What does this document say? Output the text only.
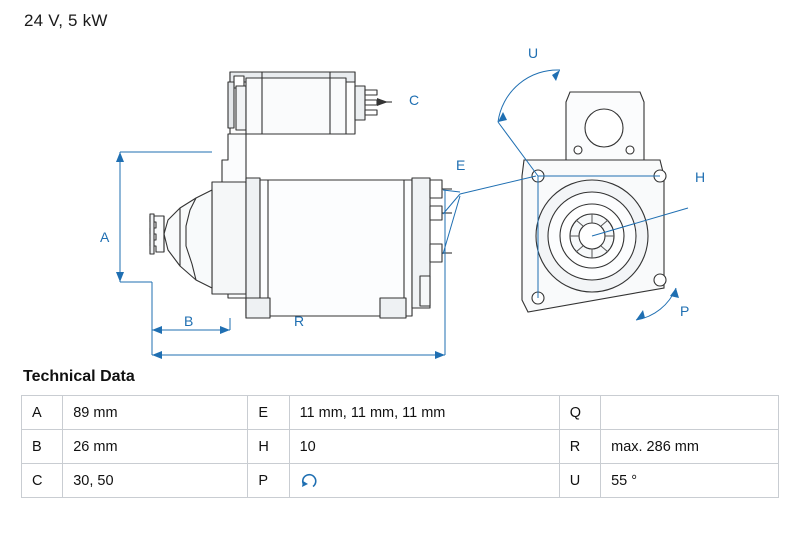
24 V, 5 kW
A
B
C
E
H
P
R
U
Technical Data
A	89 mm	E	11 mm, 11 mm, 11 mm	Q	
B	26 mm	H	10	R	max. 286 mm
C	30, 50	P		U	55 °
